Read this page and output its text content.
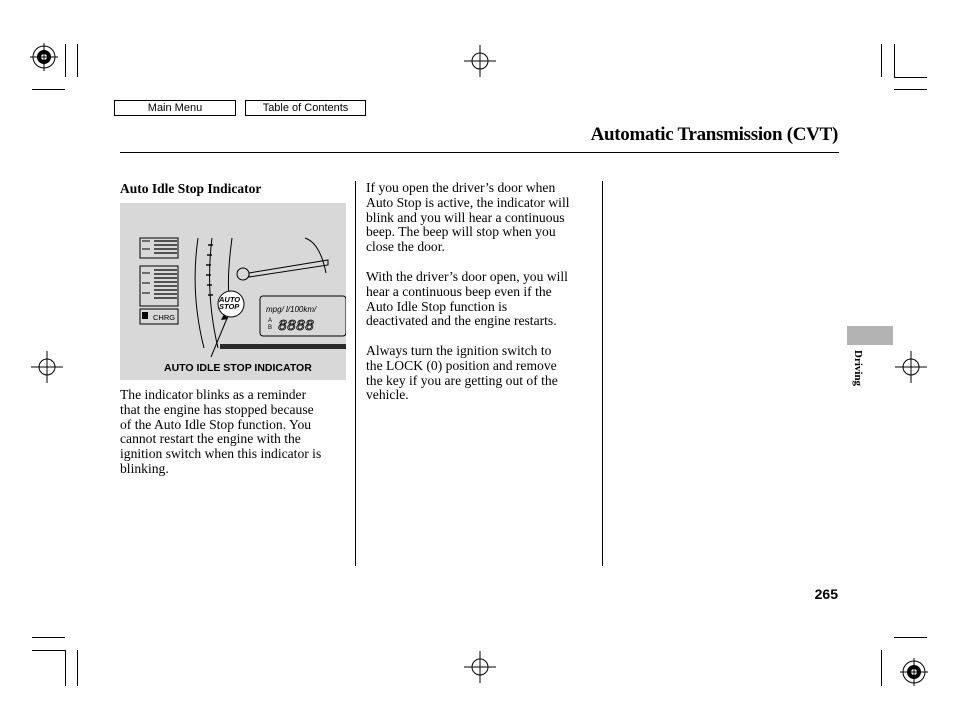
Main Menu	Table of Contents
Automatic Transmission (CVT)
Auto Idle Stop Indicator
CHRG
mpg/ l/100km/
A
B 8888
AUTO
STOP
AUTO IDLE STOP INDICATOR
The indicator blinks as a reminder
that the engine has stopped because
of the Auto Idle Stop function. You
cannot restart the engine with the
ignition switch when this indicator is
blinking.
If you open the driver’s door when
Auto Stop is active, the indicator will
blink and you will hear a continuous
beep. The beep will stop when you
close the door.
With the driver’s door open, you will
hear a continuous beep even if the
Auto Idle Stop function is
deactivated and the engine restarts.
Always turn the ignition switch to
the LOCK (0) position and remove
the key if you are getting out of the
vehicle.
Driving
265
